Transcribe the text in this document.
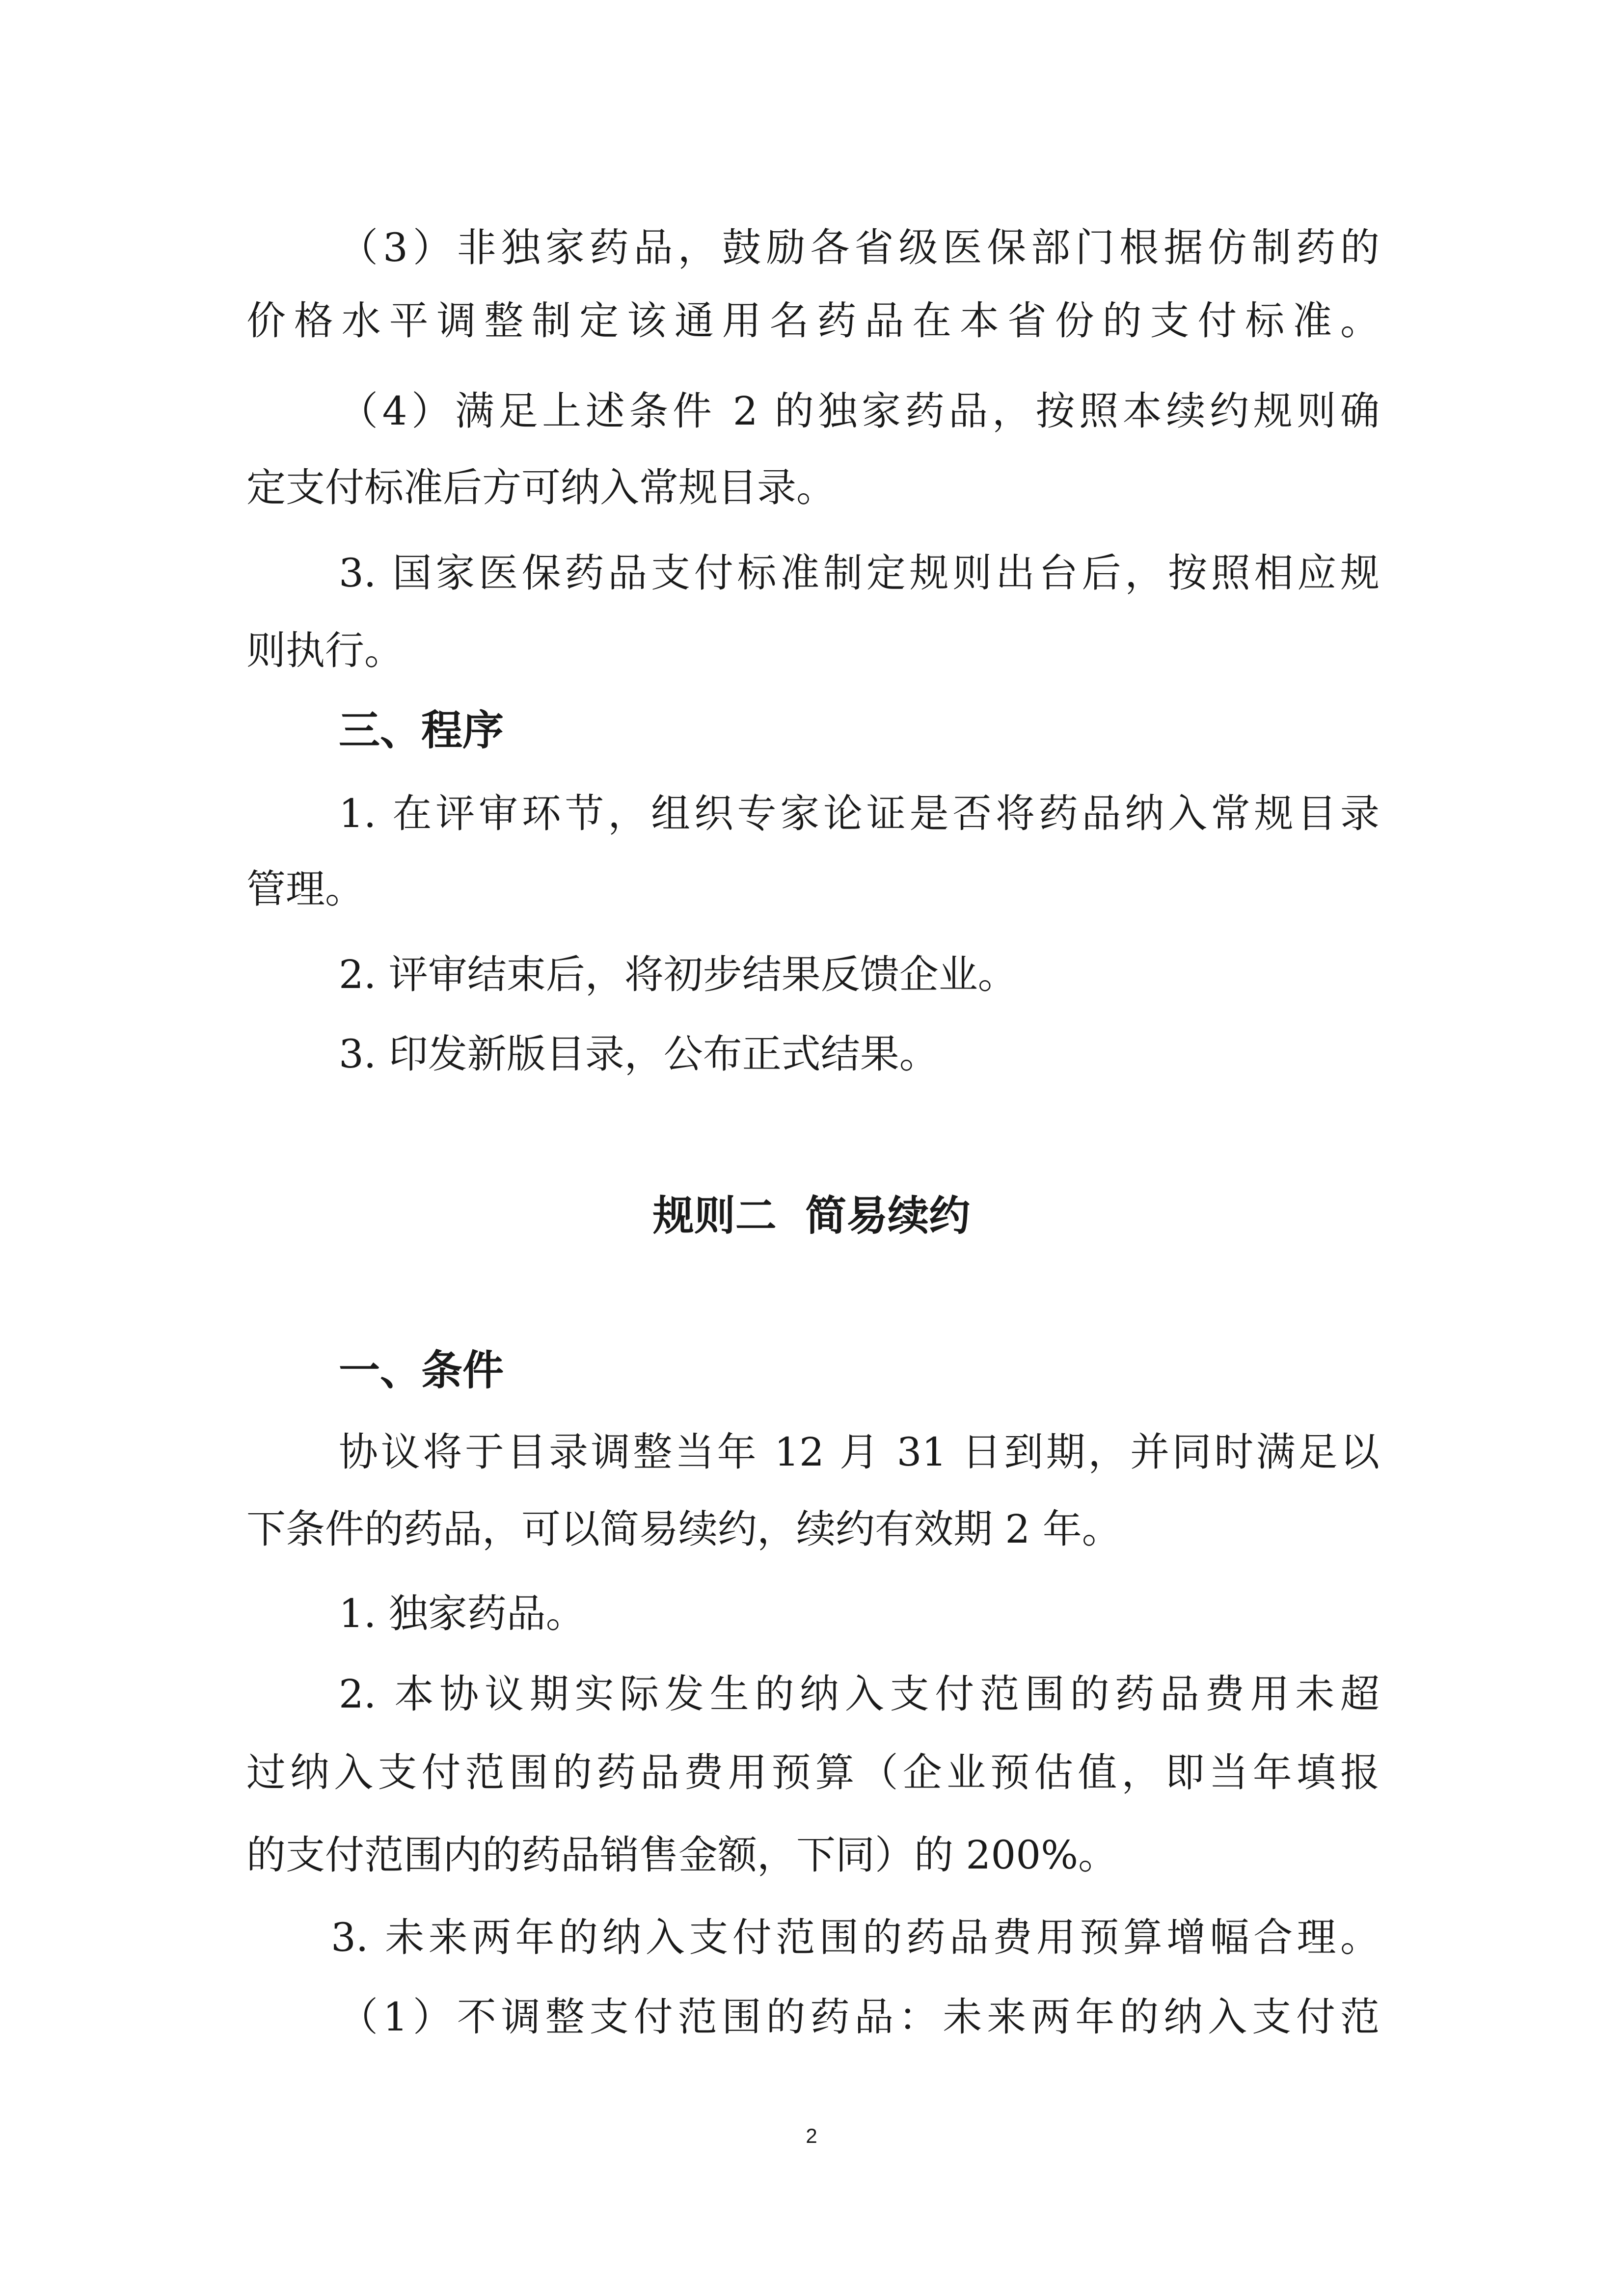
（3）非独家药品，鼓励各省级医保部门根据仿制药的
价格水平调整制定该通用名药品在本省份的支付标准。
（4）满足上述条件 2 的独家药品，按照本续约规则确
定支付标准后方可纳入常规目录。
3. 国家医保药品支付标准制定规则出台后，按照相应规
则执行。
三、程序
1. 在评审环节，组织专家论证是否将药品纳入常规目录
管理。
2. 评审结束后，将初步结果反馈企业。
3. 印发新版目录，公布正式结果。
规则二  简易续约
一、条件
协议将于目录调整当年 12 月 31 日到期，并同时满足以
下条件的药品，可以简易续约，续约有效期 2 年。
1. 独家药品。
2. 本协议期实际发生的纳入支付范围的药品费用未超
过纳入支付范围的药品费用预算（企业预估值，即当年填报
的支付范围内的药品销售金额，下同）的 200%。
3. 未来两年的纳入支付范围的药品费用预算增幅合理。
（1）不调整支付范围的药品：未来两年的纳入支付范
2
